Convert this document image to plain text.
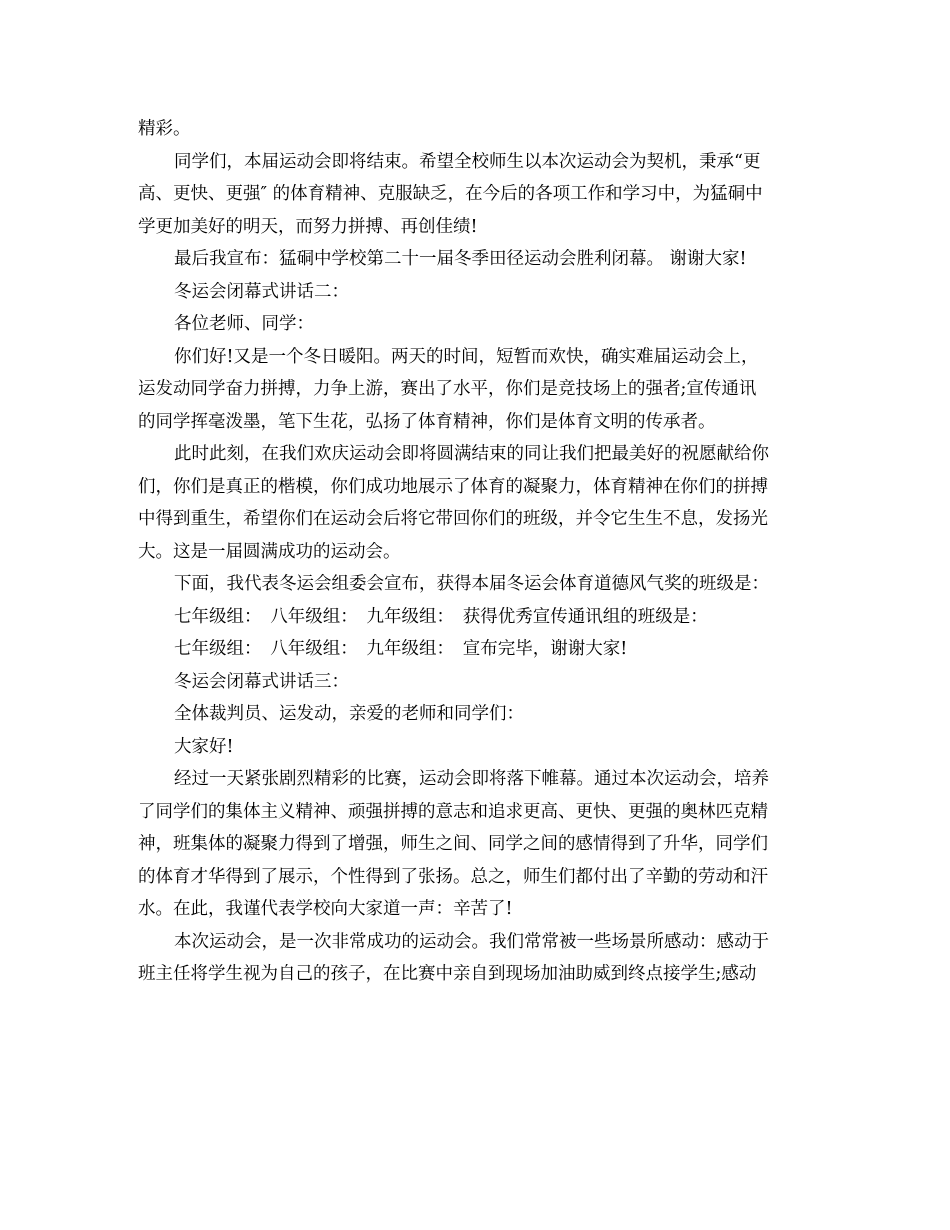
精彩。
同学们，本届运动会即将结束。希望全校师生以本次运动会为契机，秉承“更
高、更快、更强″ 的体育精神、克服缺乏，在今后的各项工作和学习中，为猛硐中
学更加美好的明天，而努力拼搏、再创佳绩!
最后我宣布：猛硐中学校第二十一届冬季田径运动会胜利闭幕。 谢谢大家!
冬运会闭幕式讲话二：
各位老师、同学：
你们好!又是一个冬日暖阳。两天的时间，短暂而欢快，确实难届运动会上，
运发动同学奋力拼搏，力争上游，赛出了水平，你们是竞技场上的强者;宣传通讯
的同学挥毫泼墨，笔下生花，弘扬了体育精神，你们是体育文明的传承者。
此时此刻，在我们欢庆运动会即将圆满结束的同让我们把最美好的祝愿献给你
们，你们是真正的楷模，你们成功地展示了体育的凝聚力，体育精神在你们的拼搏
中得到重生，希望你们在运动会后将它带回你们的班级，并令它生生不息，发扬光
大。这是一届圆满成功的运动会。
下面，我代表冬运会组委会宣布，获得本届冬运会体育道德风气奖的班级是：
七年级组：　八年级组：　九年级组：　获得优秀宣传通讯组的班级是：
七年级组：　八年级组：　九年级组：　宣布完毕，谢谢大家!
冬运会闭幕式讲话三：
全体裁判员、运发动，亲爱的老师和同学们：
大家好!
经过一天紧张剧烈精彩的比赛，运动会即将落下帷幕。通过本次运动会，培养
了同学们的集体主义精神、顽强拼搏的意志和追求更高、更快、更强的奥林匹克精
神，班集体的凝聚力得到了增强，师生之间、同学之间的感情得到了升华，同学们
的体育才华得到了展示，个性得到了张扬。总之，师生们都付出了辛勤的劳动和汗
水。在此，我谨代表学校向大家道一声：辛苦了!
本次运动会，是一次非常成功的运动会。我们常常被一些场景所感动：感动于
班主任将学生视为自己的孩子，在比赛中亲自到现场加油助威到终点接学生;感动
